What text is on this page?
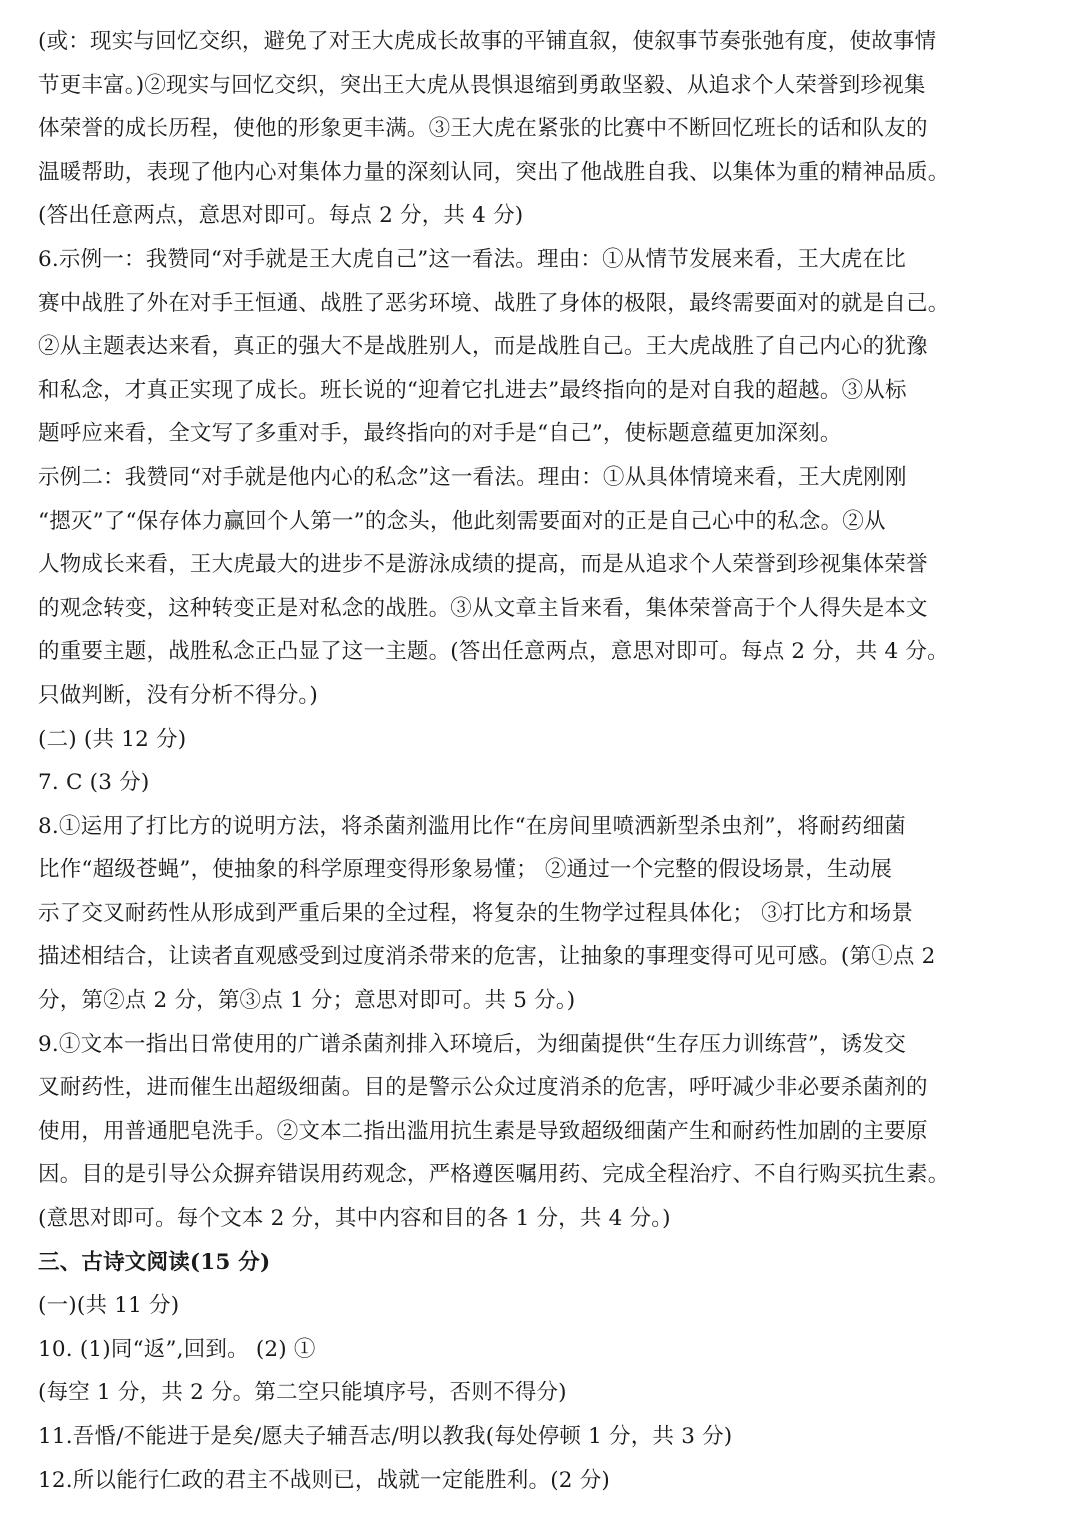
(或：现实与回忆交织，避免了对王大虎成长故事的平铺直叙，使叙事节奏张弛有度，使故事情
节更丰富。)②现实与回忆交织，突出王大虎从畏惧退缩到勇敢坚毅、从追求个人荣誉到珍视集
体荣誉的成长历程，使他的形象更丰满。③王大虎在紧张的比赛中不断回忆班长的话和队友的
温暖帮助，表现了他内心对集体力量的深刻认同，突出了他战胜自我、以集体为重的精神品质。
(答出任意两点，意思对即可。每点 2 分，共 4 分)
6.示例一：我赞同“对手就是王大虎自己”这一看法。理由：①从情节发展来看，王大虎在比
赛中战胜了外在对手王恒通、战胜了恶劣环境、战胜了身体的极限，最终需要面对的就是自己。
②从主题表达来看，真正的强大不是战胜别人，而是战胜自己。王大虎战胜了自己内心的犹豫
和私念，才真正实现了成长。班长说的“迎着它扎进去”最终指向的是对自我的超越。③从标
题呼应来看，全文写了多重对手，最终指向的对手是“自己”，使标题意蕴更加深刻。
示例二：我赞同“对手就是他内心的私念”这一看法。理由：①从具体情境来看，王大虎刚刚
“摁灭”了“保存体力赢回个人第一”的念头，他此刻需要面对的正是自己心中的私念。②从
人物成长来看，王大虎最大的进步不是游泳成绩的提高，而是从追求个人荣誉到珍视集体荣誉
的观念转变，这种转变正是对私念的战胜。③从文章主旨来看，集体荣誉高于个人得失是本文
的重要主题，战胜私念正凸显了这一主题。(答出任意两点，意思对即可。每点 2 分，共 4 分。
只做判断，没有分析不得分。)
(二) (共 12 分)
7. C (3 分)
8.①运用了打比方的说明方法，将杀菌剂滥用比作“在房间里喷洒新型杀虫剂”，将耐药细菌
比作“超级苍蝇”，使抽象的科学原理变得形象易懂； ②通过一个完整的假设场景，生动展
示了交叉耐药性从形成到严重后果的全过程，将复杂的生物学过程具体化； ③打比方和场景
描述相结合，让读者直观感受到过度消杀带来的危害，让抽象的事理变得可见可感。(第①点 2
分，第②点 2 分，第③点 1 分；意思对即可。共 5 分。)
9.①文本一指出日常使用的广谱杀菌剂排入环境后，为细菌提供“生存压力训练营”，诱发交
叉耐药性，进而催生出超级细菌。目的是警示公众过度消杀的危害，呼吁减少非必要杀菌剂的
使用，用普通肥皂洗手。②文本二指出滥用抗生素是导致超级细菌产生和耐药性加剧的主要原
因。目的是引导公众摒弃错误用药观念，严格遵医嘱用药、完成全程治疗、不自行购买抗生素。
(意思对即可。每个文本 2 分，其中内容和目的各 1 分，共 4 分。)
三、古诗文阅读(15 分)
(一)(共 11 分)
10. (1)同“返”,回到。 (2) ①
(每空 1 分，共 2 分。第二空只能填序号，否则不得分)
11.吾惛/不能进于是矣/愿夫子辅吾志/明以教我(每处停顿 1 分，共 3 分)
12.所以能行仁政的君主不战则已，战就一定能胜利。(2 分)
